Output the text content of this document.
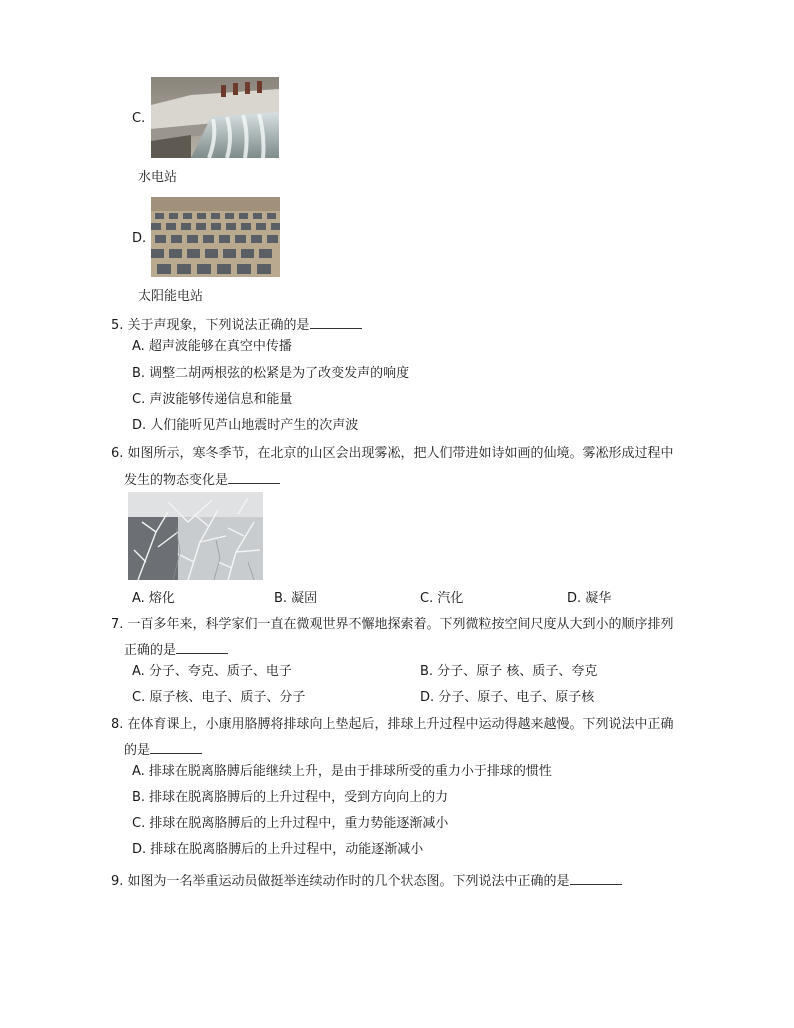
C.
水电站
D.
太阳能电站
5. 关于声现象，下列说法正确的是
A. 超声波能够在真空中传播
B. 调整二胡两根弦的松紧是为了改变发声的响度
C. 声波能够传递信息和能量
D. 人们能听见芦山地震时产生的次声波
6. 如图所示，寒冬季节，在北京的山区会出现雾凇，把人们带进如诗如画的仙境。雾凇形成过程中
发生的物态变化是
A. 熔化	B. 凝固	C. 汽化	D. 凝华
7. 一百多年来，科学家们一直在微观世界不懈地探索着。下列微粒按空间尺度从大到小的顺序排列
正确的是
A. 分子、夸克、质子、电子	B. 分子、原子 核、质子、夸克
C. 原子核、电子、质子、分子	D. 分子、原子、电子、原子核
8. 在体育课上，小康用胳膊将排球向上垫起后，排球上升过程中运动得越来越慢。下列说法中正确
的是
A. 排球在脱离胳膊后能继续上升，是由于排球所受的重力小于排球的惯性
B. 排球在脱离胳膊后的上升过程中，受到方向向上的力
C. 排球在脱离胳膊后的上升过程中，重力势能逐渐减小
D. 排球在脱离胳膊后的上升过程中，动能逐渐减小
9. 如图为一名举重运动员做挺举连续动作时的几个状态图。下列说法中正确的是
